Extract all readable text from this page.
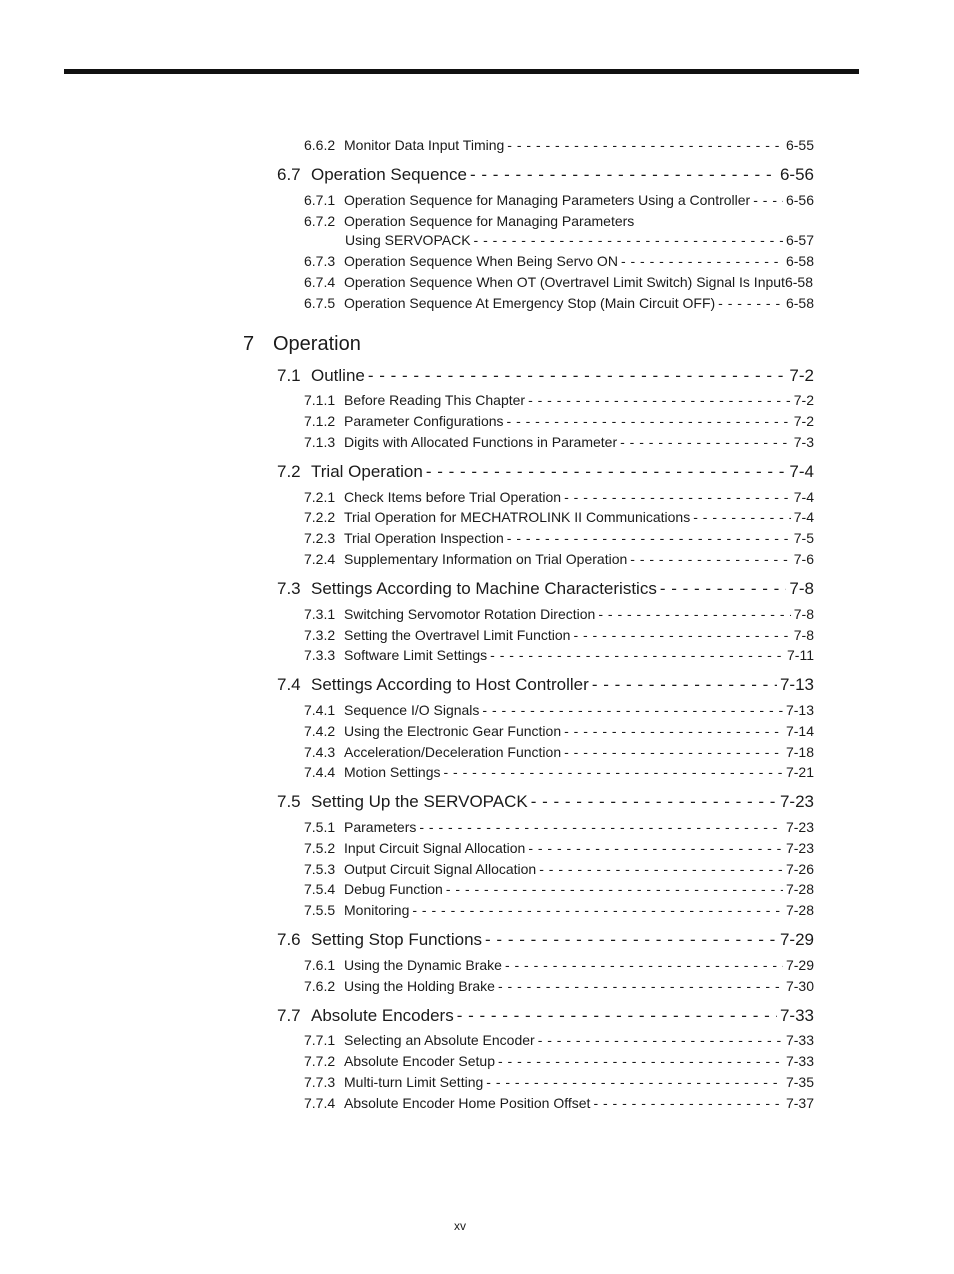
6.6.2 Monitor Data Input Timing - - -	6-55
6.7 Operation Sequence - - -	6-56
6.7.1 Operation Sequence for Managing Parameters Using a Controller - - -	6-56
6.7.2 Operation Sequence for Managing Parameters
Using SERVOPACK - - -	6-57
6.7.3 Operation Sequence When Being Servo ON - - -	6-58
6.7.4 Operation Sequence When OT (Overtravel Limit Switch) Signal Is Input 6-58
6.7.5 Operation Sequence At Emergency Stop (Main Circuit OFF) - - -	6-58
7 Operation
7.1 Outline - - -	7-2
7.1.1 Before Reading This Chapter - - -	7-2
7.1.2 Parameter Configurations - - -	7-2
7.1.3 Digits with Allocated Functions in Parameter - - -	7-3
7.2 Trial Operation - - -	7-4
7.2.1 Check Items before Trial Operation - - -	7-4
7.2.2 Trial Operation for MECHATROLINK II Communications - - -	7-4
7.2.3 Trial Operation Inspection - - -	7-5
7.2.4 Supplementary Information on Trial Operation - - -	7-6
7.3 Settings According to Machine Characteristics - - -	7-8
7.3.1 Switching Servomotor Rotation Direction - - -	7-8
7.3.2 Setting the Overtravel Limit Function - - -	7-8
7.3.3 Software Limit Settings - - -	7-11
7.4 Settings According to Host Controller - - -	7-13
7.4.1 Sequence I/O Signals - - -	7-13
7.4.2 Using the Electronic Gear Function - - -	7-14
7.4.3 Acceleration/Deceleration Function - - -	7-18
7.4.4 Motion Settings - - -	7-21
7.5 Setting Up the SERVOPACK - - -	7-23
7.5.1 Parameters - - -	7-23
7.5.2 Input Circuit Signal Allocation - - -	7-23
7.5.3 Output Circuit Signal Allocation - - -	7-26
7.5.4 Debug Function - - -	7-28
7.5.5 Monitoring - - -	7-28
7.6 Setting Stop Functions - - -	7-29
7.6.1 Using the Dynamic Brake - - -	7-29
7.6.2 Using the Holding Brake - - -	7-30
7.7 Absolute Encoders - - -	7-33
7.7.1 Selecting an Absolute Encoder - - -	7-33
7.7.2 Absolute Encoder Setup - - -	7-33
7.7.3 Multi-turn Limit Setting - - -	7-35
7.7.4 Absolute Encoder Home Position Offset - - -	7-37
xv
